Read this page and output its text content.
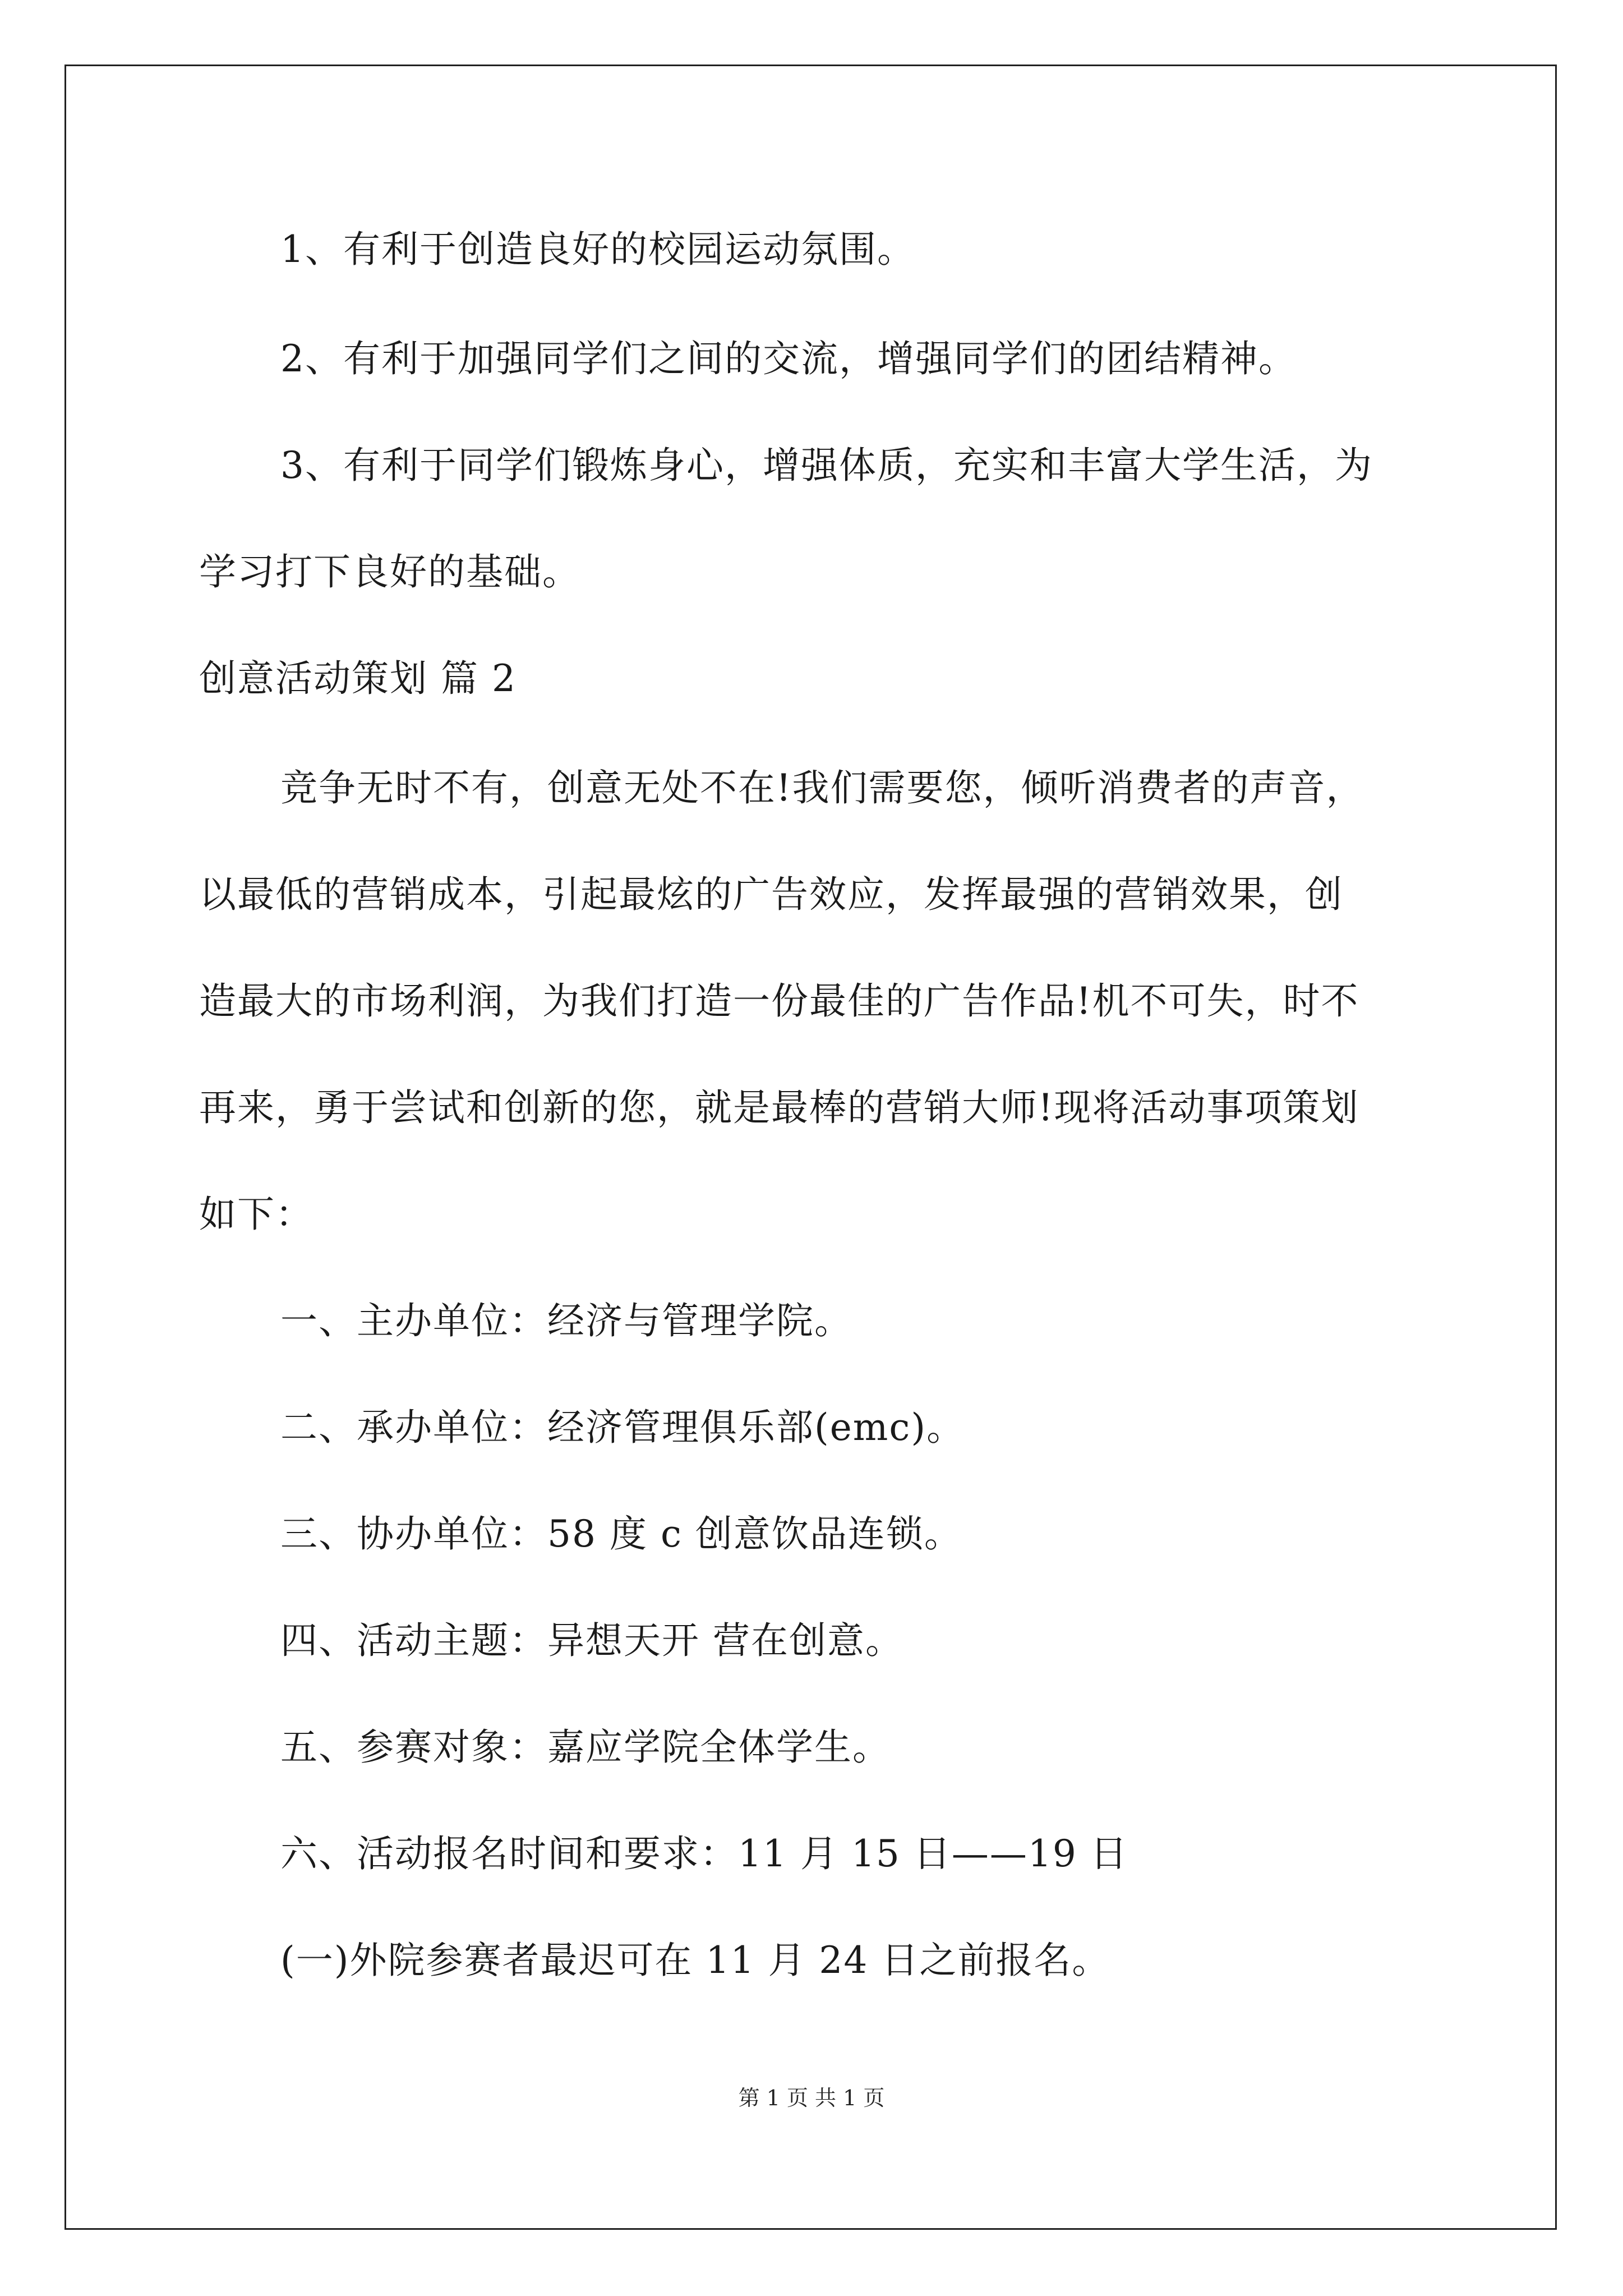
1、有利于创造良好的校园运动氛围。
2、有利于加强同学们之间的交流，增强同学们的团结精神。
3、有利于同学们锻炼身心，增强体质，充实和丰富大学生活，为
学习打下良好的基础。
创意活动策划 篇 2
竞争无时不有，创意无处不在!我们需要您，倾听消费者的声音，
以最低的营销成本，引起最炫的广告效应，发挥最强的营销效果，创
造最大的市场利润，为我们打造一份最佳的广告作品!机不可失，时不
再来，勇于尝试和创新的您，就是最棒的营销大师!现将活动事项策划
如下：
一、主办单位：经济与管理学院。
二、承办单位：经济管理俱乐部(emc)。
三、协办单位：58 度 c 创意饮品连锁。
四、活动主题：异想天开 营在创意。
五、参赛对象：嘉应学院全体学生。
六、活动报名时间和要求：11 月 15 日——19 日
(一)外院参赛者最迟可在 11 月 24 日之前报名。
第 1 页 共 1 页
